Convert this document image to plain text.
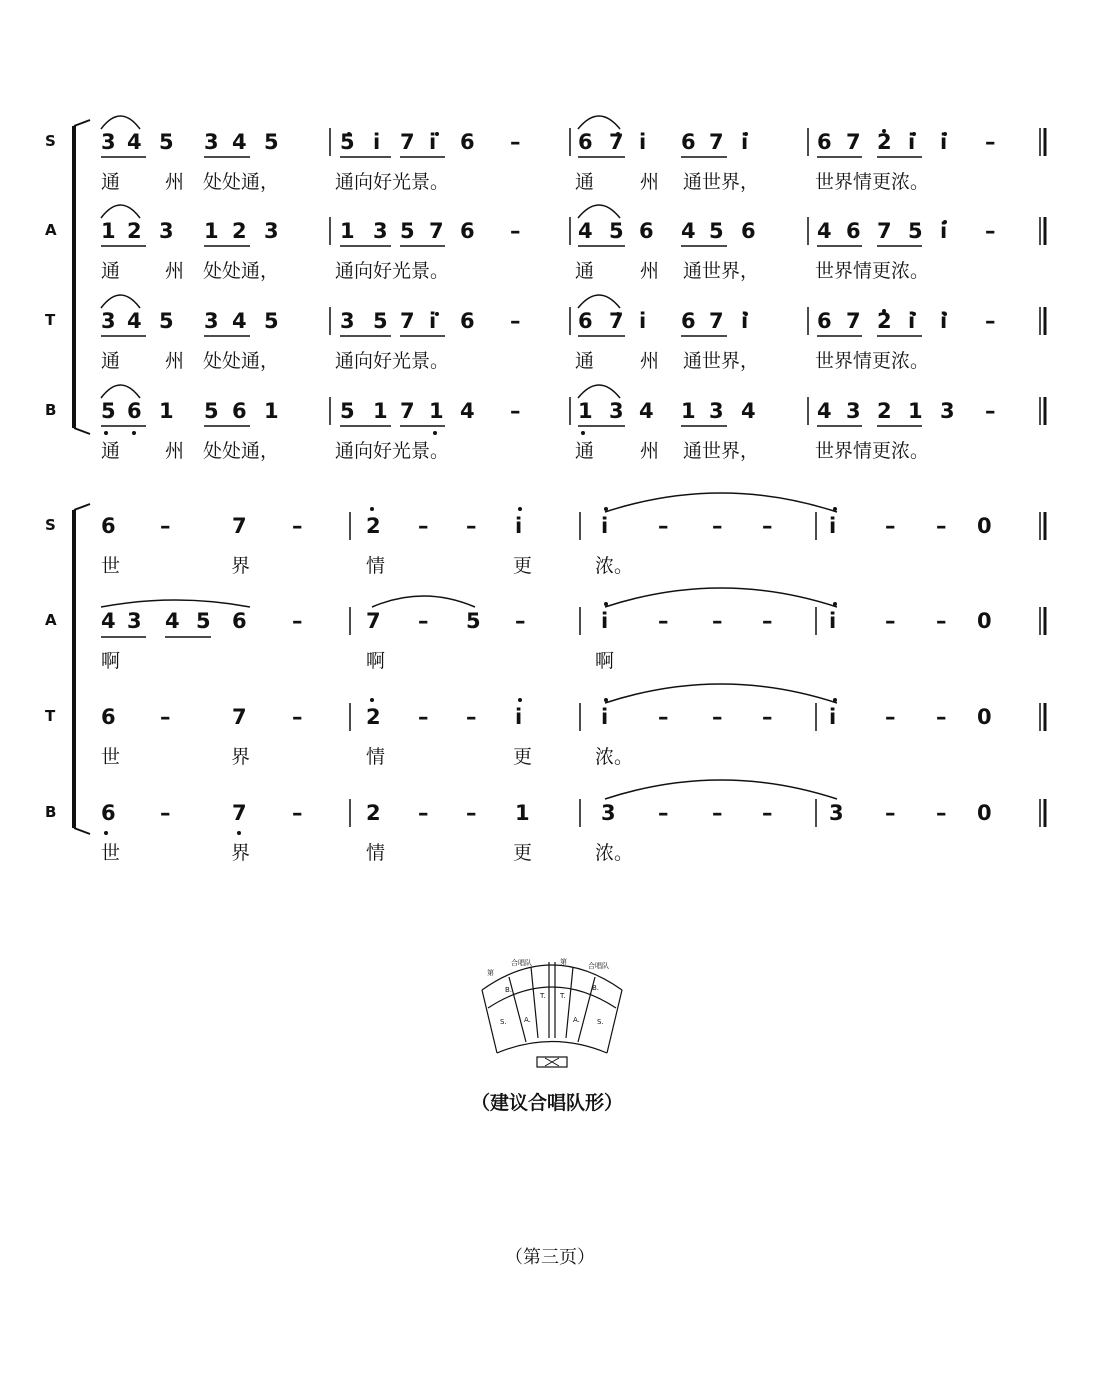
S 3 4 5 3 4 5	5 i 7 i 6 –	6 7 i 6 7 i	6 7 2 i i –
通 州 处处通，	通向好光景。	通 州 通世界，	世界情更浓。
A 1 2 3 1 2 3	1 3 5 7 6 –	4 5 6 4 5 6	4 6 7 5 i –
通 州 处处通，	通向好光景。	通 州 通世界，	世界情更浓。
T 3 4 5 3 4 5	3 5 7 i 6 –	6 7 i 6 7 i	6 7 2 i i –
通 州 处处通，	通向好光景。	通 州 通世界，	世界情更浓。
B 5 6 1 5 6 1	5 1 7 1 4 –	1 3 4 1 3 4	4 3 2 1 3 –
通 州 处处通，	通向好光景。	通 州 通世界，	世界情更浓。
S 6 –	7 –	2 – – i	i – – –	i – – 0
世	界	情	更	浓。
A 4 3 4 5 6 –	7 – 5 –	i – – –	i – – 0
啊	啊	啊
T 6 –	7 –	2 – – i	i – – –	i – – 0
世	界	情	更	浓。
B 6 –	7 –	2 – – 1	3 – – –	3 – – 0
世	界	情	更	浓。
第
合唱队	第	合唱队
B.
T. T.
B.
S. A.	A. S.
（建议合唱队形）
（第三页）
